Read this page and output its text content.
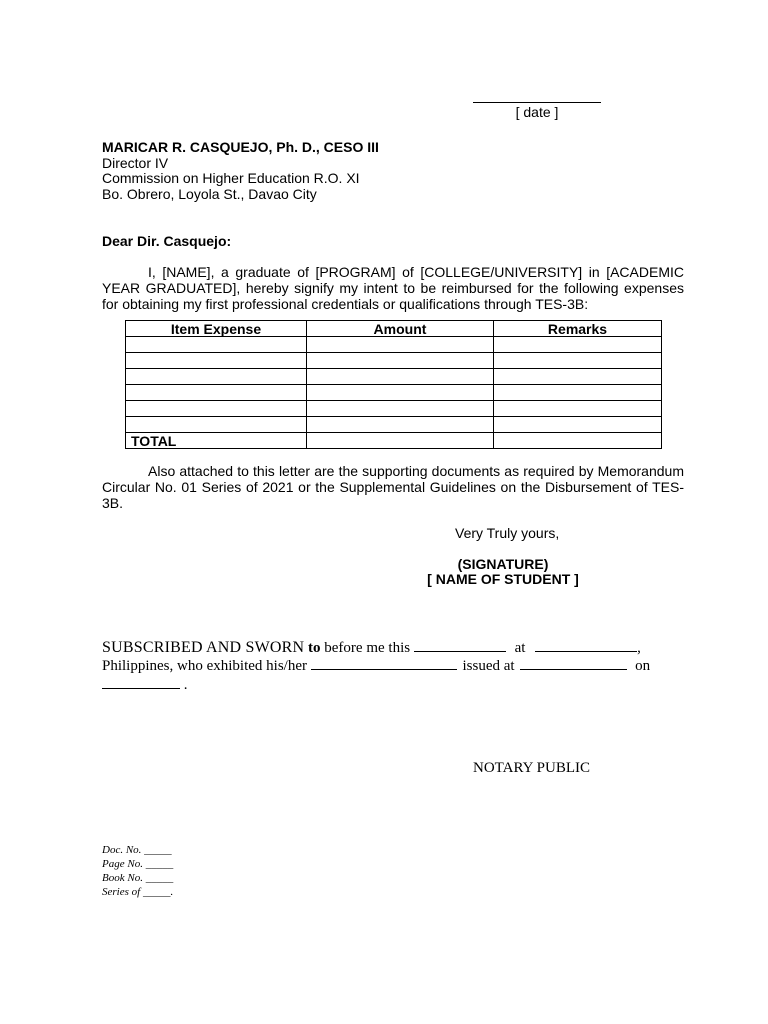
[ date ]
MARICAR R. CASQUEJO, Ph. D., CESO III
Director IV
Commission on Higher Education R.O. XI
Bo. Obrero, Loyola St., Davao City
Dear Dir. Casquejo:
I, [NAME], a graduate of [PROGRAM] of [COLLEGE/UNIVERSITY] in [ACADEMIC YEAR GRADUATED], hereby signify my intent to be reimbursed for the following expenses for obtaining my first professional credentials or qualifications through TES-3B:
Item Expense	Amount	Remarks

TOTAL		
Also attached to this letter are the supporting documents as required by Memorandum Circular No. 01 Series of 2021 or the Supplemental Guidelines on the Disbursement of TES-3B.
Very Truly yours,
(SIGNATURE)
[ NAME OF STUDENT ]
SUBSCRIBED AND SWORN to before me this	at	,
Philippines, who exhibited his/her	issued at	on
.
NOTARY PUBLIC
Doc. No. _____
Page No. _____
Book No. _____
Series of _____.
